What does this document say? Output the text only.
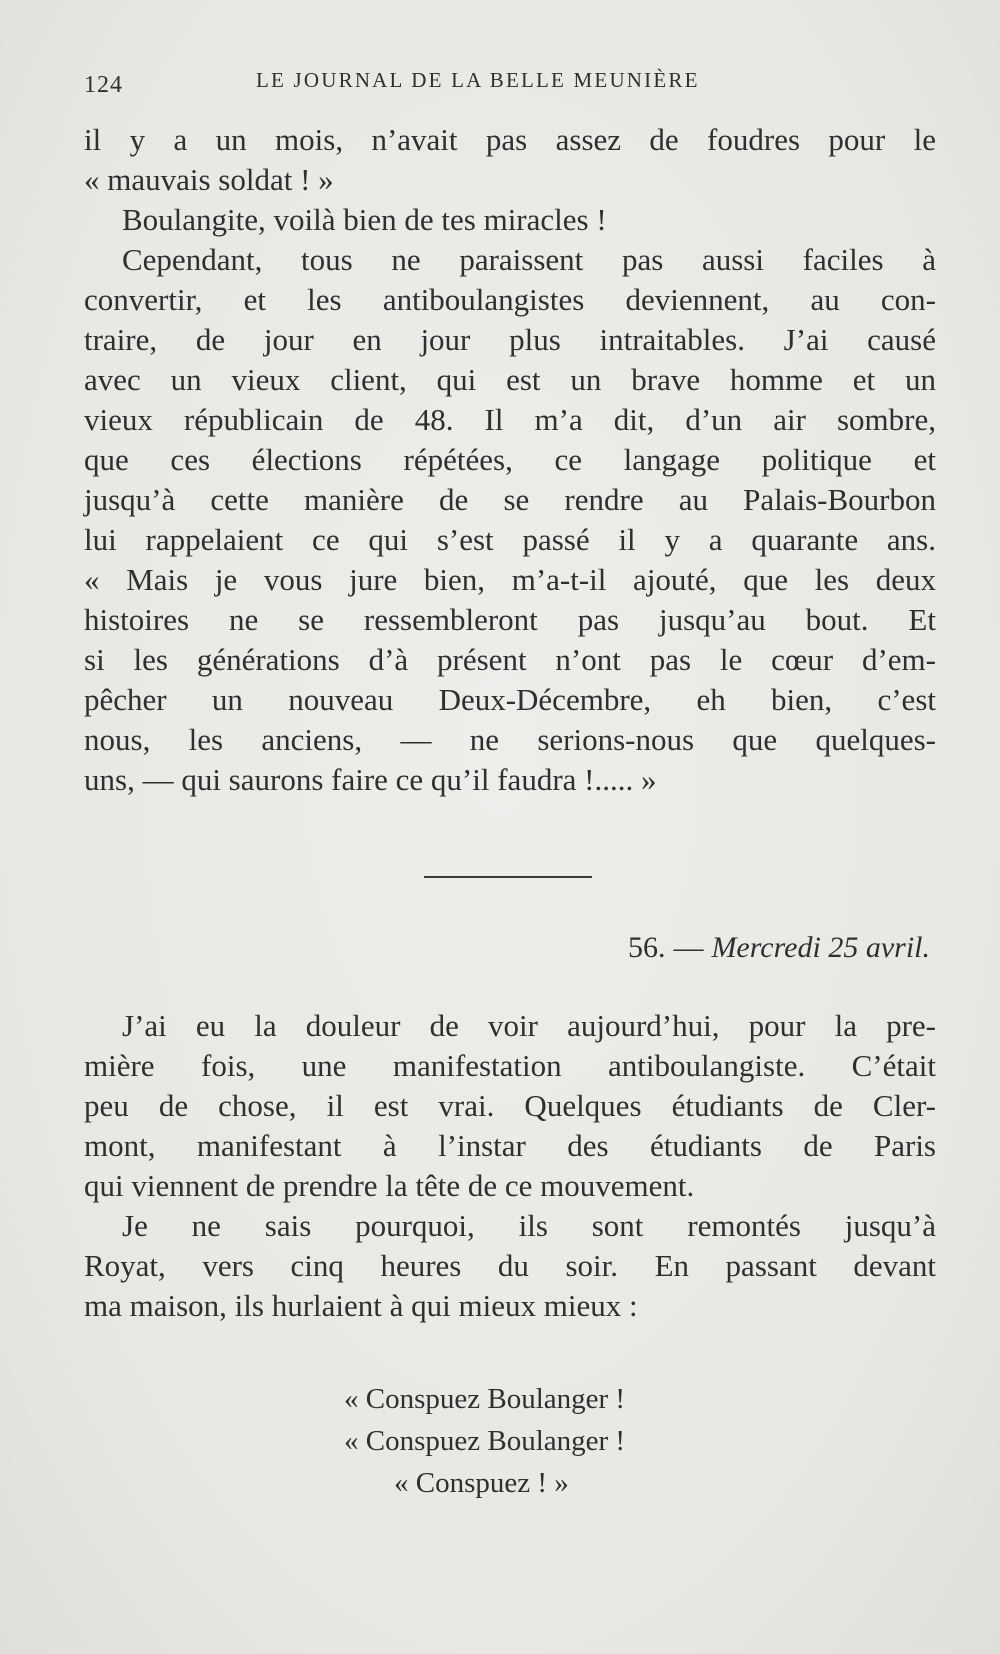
124	LE JOURNAL DE LA BELLE MEUNIÈRE
il y a un mois, n’avait pas assez de foudres pour le
« mauvais soldat ! »
Boulangite, voilà bien de tes miracles !
Cependant, tous ne paraissent pas aussi faciles à
convertir, et les antiboulangistes deviennent, au con-
traire, de jour en jour plus intraitables. J’ai causé
avec un vieux client, qui est un brave homme et un
vieux républicain de 48. Il m’a dit, d’un air sombre,
que ces élections répétées, ce langage politique et
jusqu’à cette manière de se rendre au Palais-Bourbon
lui rappelaient ce qui s’est passé il y a quarante ans.
« Mais je vous jure bien, m’a-t-il ajouté, que les deux
histoires ne se ressembleront pas jusqu’au bout. Et
si les générations d’à présent n’ont pas le cœur d’em-
pêcher un nouveau Deux-Décembre, eh bien, c’est
nous, les anciens, — ne serions-nous que quelques-
uns, — qui saurons faire ce qu’il faudra !..... »
56. — Mercredi 25 avril.
J’ai eu la douleur de voir aujourd’hui, pour la pre-
mière fois, une manifestation antiboulangiste. C’était
peu de chose, il est vrai. Quelques étudiants de Cler-
mont, manifestant à l’instar des étudiants de Paris
qui viennent de prendre la tête de ce mouvement.
Je ne sais pourquoi, ils sont remontés jusqu’à
Royat, vers cinq heures du soir. En passant devant
ma maison, ils hurlaient à qui mieux mieux :
« Conspuez Boulanger !
« Conspuez Boulanger !
« Conspuez ! »
